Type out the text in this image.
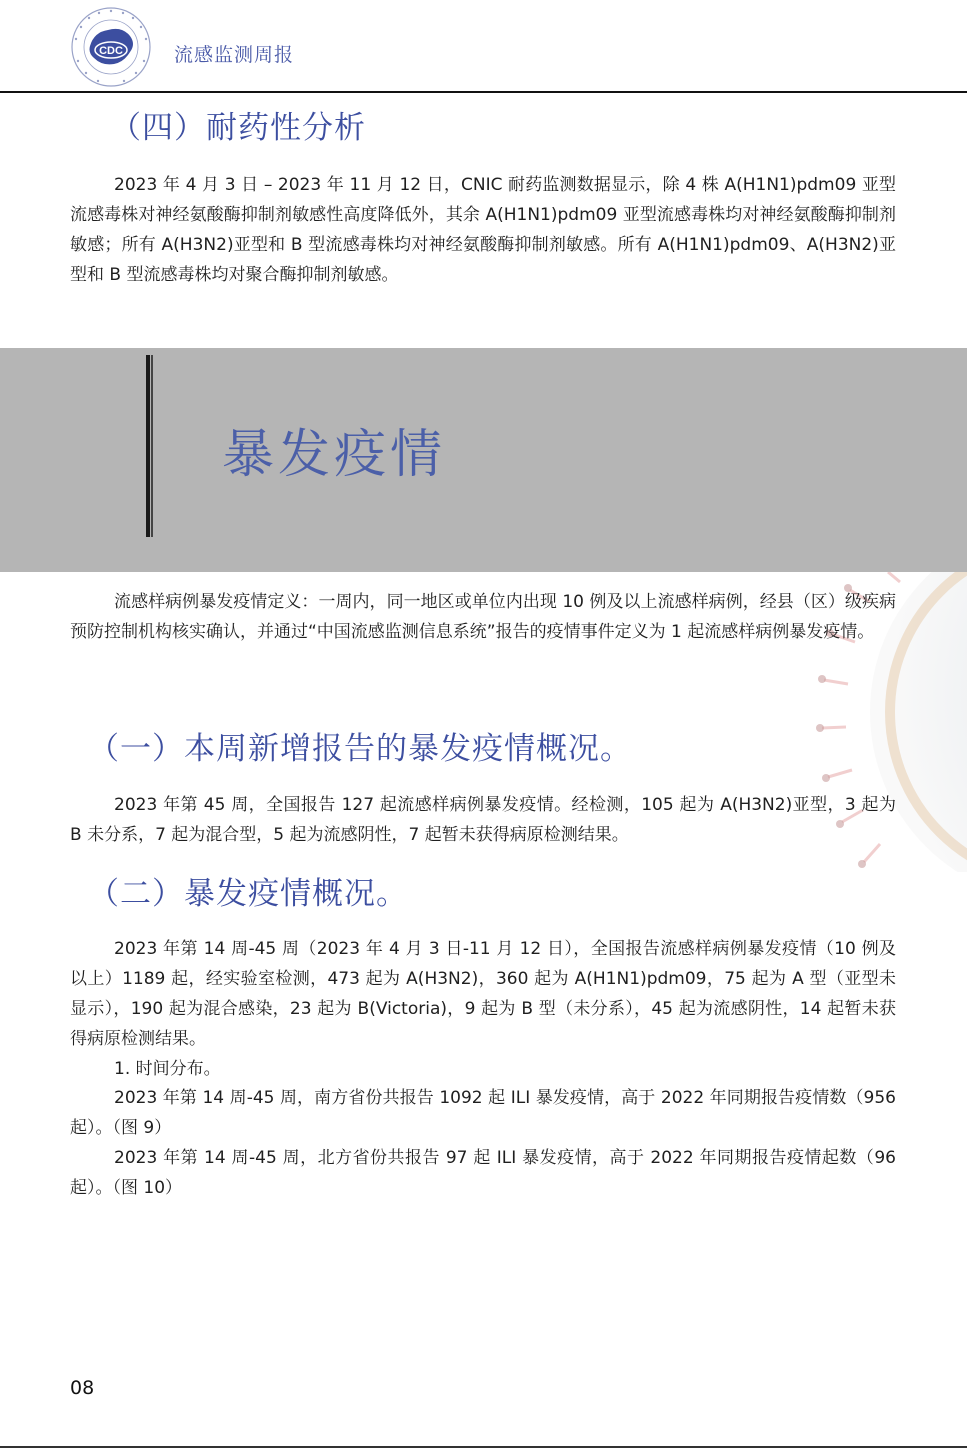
CDC	流感监测周报
（四）耐药性分析
2023 年 4 月 3 日 – 2023 年 11 月 12 日，CNIC 耐药监测数据显示，除 4 株 A(H1N1)pdm09 亚型流感毒株对神经氨酸酶抑制剂敏感性高度降低外，其余 A(H1N1)pdm09 亚型流感毒株均对神经氨酸酶抑制剂敏感；所有 A(H3N2)亚型和 B 型流感毒株均对神经氨酸酶抑制剂敏感。所有 A(H1N1)pdm09、A(H3N2)亚型和 B 型流感毒株均对聚合酶抑制剂敏感。
暴发疫情
流感样病例暴发疫情定义：一周内，同一地区或单位内出现 10 例及以上流感样病例，经县（区）级疾病预防控制机构核实确认，并通过“中国流感监测信息系统”报告的疫情事件定义为 1 起流感样病例暴发疫情。
（一）本周新增报告的暴发疫情概况。
2023 年第 45 周，全国报告 127 起流感样病例暴发疫情。经检测，105 起为 A(H3N2)亚型，3 起为 B 未分系，7 起为混合型，5 起为流感阴性，7 起暂未获得病原检测结果。
（二）暴发疫情概况。
2023 年第 14 周-45 周（2023 年 4 月 3 日-11 月 12 日），全国报告流感样病例暴发疫情（10 例及以上）1189 起，经实验室检测，473 起为 A(H3N2)，360 起为 A(H1N1)pdm09，75 起为 A 型（亚型未显示），190 起为混合感染，23 起为 B(Victoria)，9 起为 B 型（未分系），45 起为流感阴性，14 起暂未获得病原检测结果。
1. 时间分布。
2023 年第 14 周-45 周，南方省份共报告 1092 起 ILI 暴发疫情，高于 2022 年同期报告疫情数（956 起）。（图 9）
2023 年第 14 周-45 周，北方省份共报告 97 起 ILI 暴发疫情，高于 2022 年同期报告疫情起数（96 起）。（图 10）
08
